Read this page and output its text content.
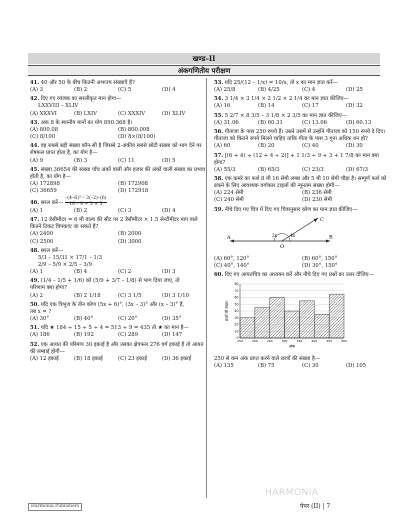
खण्ड–II
अंकगणितीय परीक्षण
41. 40 और 50 के बीच कितनी अभाज्य संख्याएँ हैं?
(A) 3	(B) 2	(C) 5	(D) 4
42. दिए गए व्यंजक का सरलीकृत मान होगा—
LXXVIII – XLIV
(A) XXXVI	(B) LXIV	(C) XXXIV	(D) XLIV
43. अंक 8 के स्थानीय मानों का योग 890.368 है।
(A) 800.08	(B) 800.008
(C) 8/100	(D) 8×(8/100)
44. वह सबसे बड़ी संख्या कौन-सी है जिससे 2-अंकीय सबसे छोटी संख्या को भाग देने पर शेषफल प्राप्त होता है, का योग है—
(A) 9	(B) 3	(C) 11	(D) 5
45. संख्या 36654 की संख्या पाँच अंकों वाली और हजार की अंकों वाली संख्या का प्रभाव होती है, का योग है—
(A) 172898	(B) 172908
(C) 36659	(D) 172918
46. सरल करें— $\frac{\text{–(4–6)³ – 3(–2)–(6)}}{18 - 9 \div 3 \times 5}$
(A) 1	(B) 2	(C) 3	(D) 4
47. 12 डेसीमीटर = 6 मी वाल्व की सीट पर 2 डेसीमीटर × 1.5 सेन्टीमीटर माप वाले कितने टिकट चिपकाए जा सकते हैं?
(A) 2400	(B) 2000
(C) 2500	(D) 3000
48. सरल करें—
5/3 – 15/31 × 17/1 – 1/3
2/9 – 5/9 × 2/5 – 3/9
(A) 1	(B) 4	(C) 2	(D) 3
49. (1/4 – 1/5 + 1/6) को (5/9 + 3/7 – 1/8) से भाग दिया जाए, तो
परिणाम क्या होगा?
(A) 2	(B) 2 1/18	(C) 3 1/5	(D) 3 1/10
50. यदि एक त्रिभुज के तीन कोण (5x + 6)°, (3x – 3)° और (x – 3)° हैं,
तब x = ?
(A) 30°	(B) 40°	(C) 20°	(D) 35°
51. यदि ★ 184 ÷ 15 ÷ 5 ÷ 4 = 513 ÷ 9 = 435 तो ★ का मान है—
(A) 186	(B) 192	(C) 289	(D) 147
52. एक आयत की परिमाप 30 इकाई है और उसका क्षेत्रफल 276 वर्ग इकाई है तो आयत की लम्बाई होगी—
(A) 12 इकाई	(B) 18 इकाई	(C) 23 इकाई	(D) 36 इकाई
53. यदि 25/(12 – 1/x) = 10/x, तो x का मान ज्ञात करें—
(A) 25/8	(B) 4/25	(C) 4	(D) 25
54. 3 1/4 × 3 1/4 × 2 1/2 × 2 1/4 का मान ज्ञात कीजिए—
(A) 16	(B) 14	(C) 17	(D) 32
55. 5 2/7 × 8 3/5 – 3 1/8 × 2 3/5 का मान ज्ञात कीजिए—
(A) 31.06	(B) 60.31	(C) 13.06	(D) 60.13
56. गीताजा के पास 250 रुपये हैं। उसने उसमें से उन्होंने गीताजा को 150 रुपये दे दिए। गीताजा को कितने रुपये मिलने चाहिए ताकि गीता के पास 3 गुना अधिक धन हो?
(A) 60	(B) 20	(C) 40	(D) 30
57. [(6 + 4) ÷ (12 + 4 ÷ 2)] + 1 1/3 ÷ 9 + 3 + 1 7/8 का मान क्या होगा?
(A) 55/3	(B) 65/3	(C) 23/3	(D) 67/3
58. एक कमरे का फर्श 8 मी 16 सेमी लम्बा और 5 मी 10 सेमी चौड़ा है। सम्पूर्ण फर्श को ढकने के लिए आवश्यक वर्गाकार टाइलों की न्यूनतम संख्या होगी—
(A) 224 सेमी	(B) 236 सेमी
(C) 240 सेमी	(D) 230 सेमी
59. नीचे दिए गए चित्र में दिए गए चित्रानुसार कोण का मान ज्ञात कीजिए—
A	B
C
O
2x	4x
(A) 60°, 120°	(B) 60°, 150°
(C) 40°, 140°	(D) 30°, 150°
60. दिए गए आयतचित्र का अध्ययन करें और नीचे दिए गए प्रश्नों का उत्तर दीजिए—
0
10
20
30
40
50
60
70
80
150	200	250	300	350	400	450	500
अंक
छात्रों की संख्या
250 से कम अंक प्राप्त करने वाले छात्रों की संख्या है—
(A) 135	(B) 75	(C) 30	(D) 105
HARMONIA
Harmonia Publishers	पेपर (II) | 7
